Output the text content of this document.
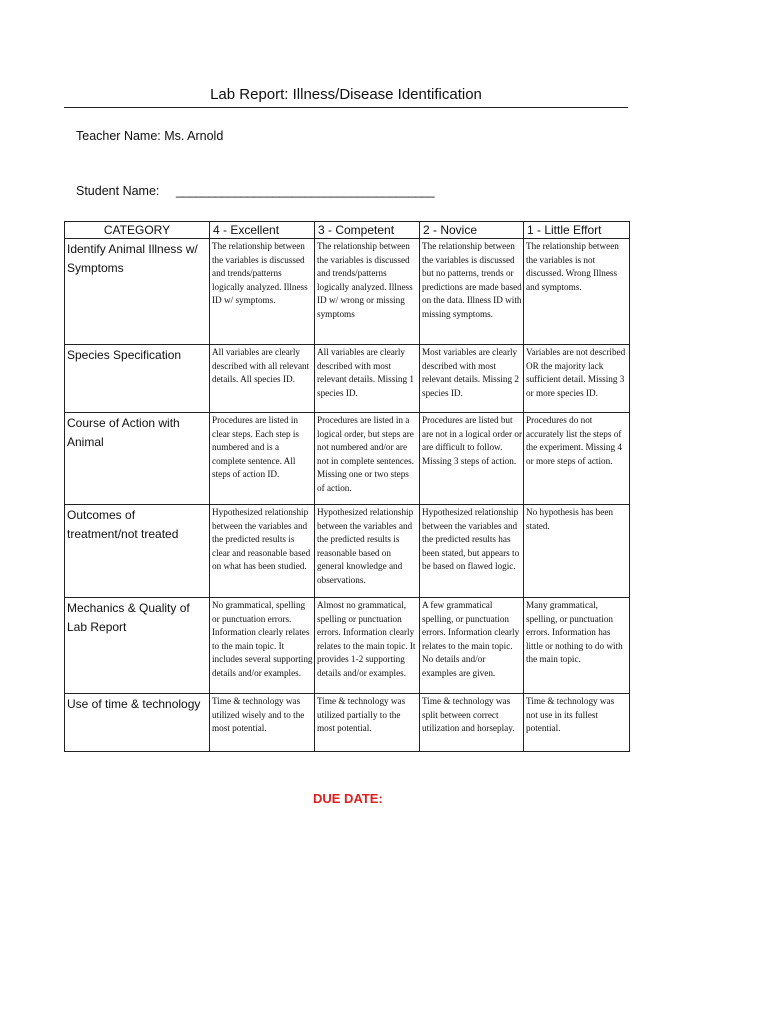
Lab Report: Illness/Disease Identification
Teacher Name: Ms. Arnold
Student Name: ________________________________________
CATEGORY	4 - Excellent	3 - Competent	2 - Novice	1 - Little Effort
Identify Animal Illness w/ Symptoms	The relationship between the variables is discussed and trends/patterns logically analyzed. Illness ID w/ symptoms.	The relationship between the variables is discussed and trends/patterns logically analyzed. Illness ID w/ wrong or missing symptoms	The relationship between the variables is discussed but no patterns, trends or predictions are made based on the data. Illness ID with missing symptoms.	The relationship between the variables is not discussed. Wrong Illness and symptoms.
Species Specification	All variables are clearly described with all relevant details. All species ID.	All variables are clearly described with most relevant details. Missing 1 species ID.	Most variables are clearly described with most relevant details. Missing 2 species ID.	Variables are not described OR the majority lack sufficient detail. Missing 3 or more species ID.
Course of Action with Animal	Procedures are listed in clear steps. Each step is numbered and is a complete sentence. All steps of action ID.	Procedures are listed in a logical order, but steps are not numbered and/or are not in complete sentences. Missing one or two steps of action.	Procedures are listed but are not in a logical order or are difficult to follow. Missing 3 steps of action.	Procedures do not accurately list the steps of the experiment. Missing 4 or more steps of action.
Outcomes of treatment/not treated	Hypothesized relationship between the variables and the predicted results is clear and reasonable based on what has been studied.	Hypothesized relationship between the variables and the predicted results is reasonable based on general knowledge and observations.	Hypothesized relationship between the variables and the predicted results has been stated, but appears to be based on flawed logic.	No hypothesis has been stated.
Mechanics & Quality of Lab Report	No grammatical, spelling or punctuation errors. Information clearly relates to the main topic. It includes several supporting details and/or examples.	Almost no grammatical, spelling or punctuation errors. Information clearly relates to the main topic. It provides 1-2 supporting details and/or examples.	A few grammatical spelling, or punctuation errors. Information clearly relates to the main topic. No details and/or examples are given.	Many grammatical, spelling, or punctuation errors. Information has little or nothing to do with the main topic.
Use of time & technology	Time & technology was utilized wisely and to the most potential.	Time & technology was utilized partially to the most potential.	Time & technology was split between correct utilization and horseplay.	Time & technology was not use in its fullest potential.
DUE DATE:
